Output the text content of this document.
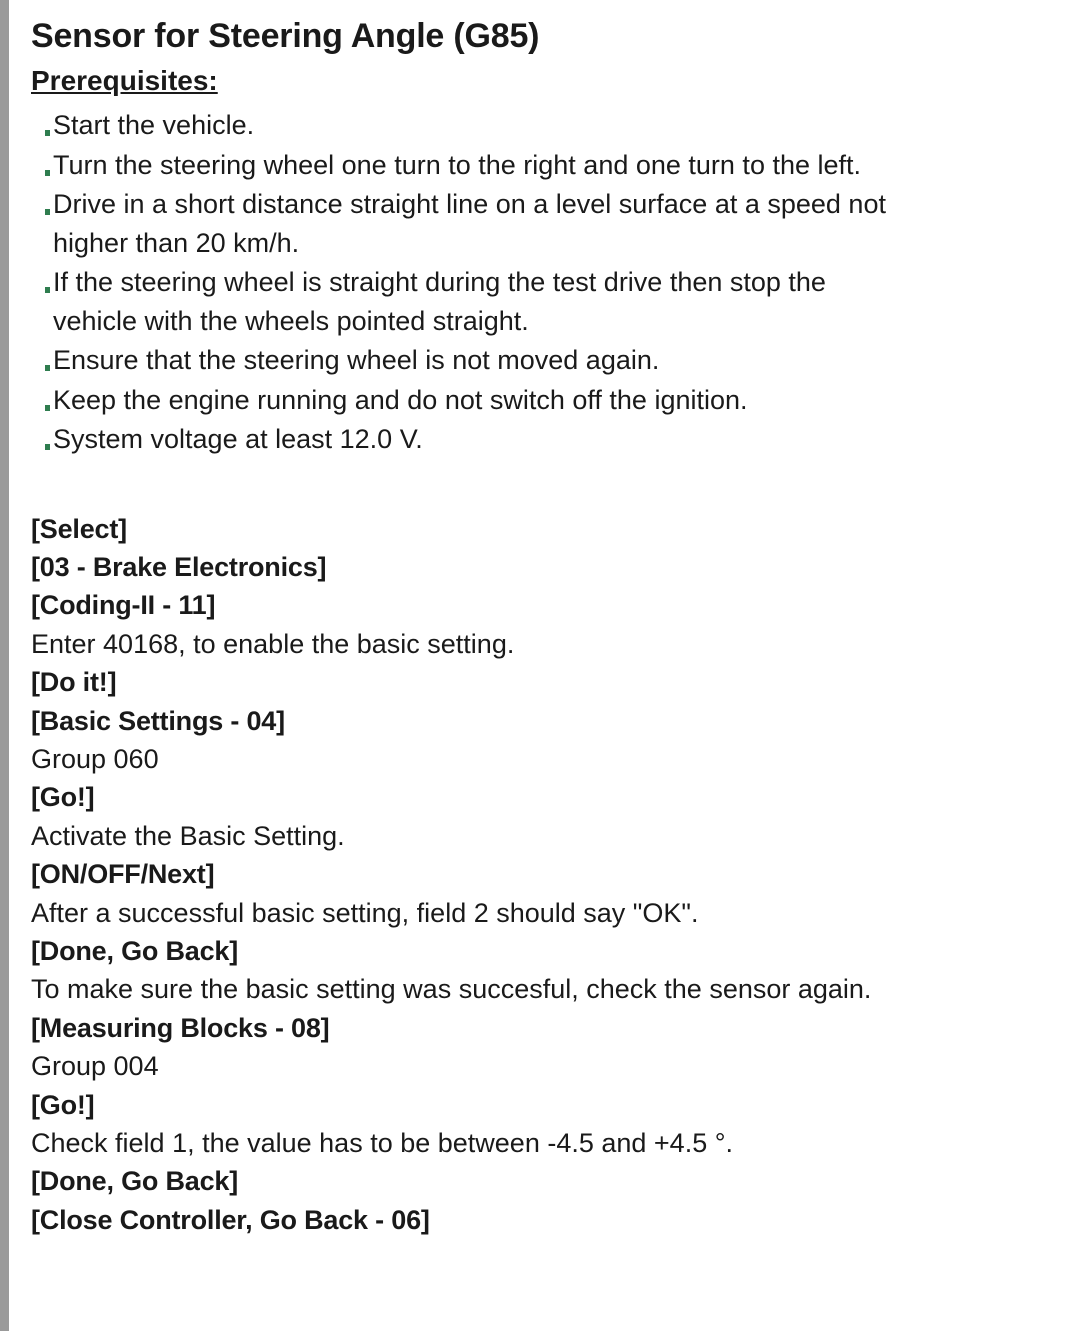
Sensor for Steering Angle (G85)
Prerequisites:
Start the vehicle.
Turn the steering wheel one turn to the right and one turn to the left.
Drive in a short distance straight line on a level surface at a speed not higher than 20 km/h.
If the steering wheel is straight during the test drive then stop the vehicle with the wheels pointed straight.
Ensure that the steering wheel is not moved again.
Keep the engine running and do not switch off the ignition.
System voltage at least 12.0 V.
[Select]
[03 - Brake Electronics]
[Coding-II - 11]
Enter 40168, to enable the basic setting.
[Do it!]
[Basic Settings - 04]
Group 060
[Go!]
Activate the Basic Setting.
[ON/OFF/Next]
After a successful basic setting, field 2 should say "OK".
[Done, Go Back]
To make sure the basic setting was succesful, check the sensor again.
[Measuring Blocks - 08]
Group 004
[Go!]
Check field 1, the value has to be between -4.5 and +4.5 °.
[Done, Go Back]
[Close Controller, Go Back - 06]
